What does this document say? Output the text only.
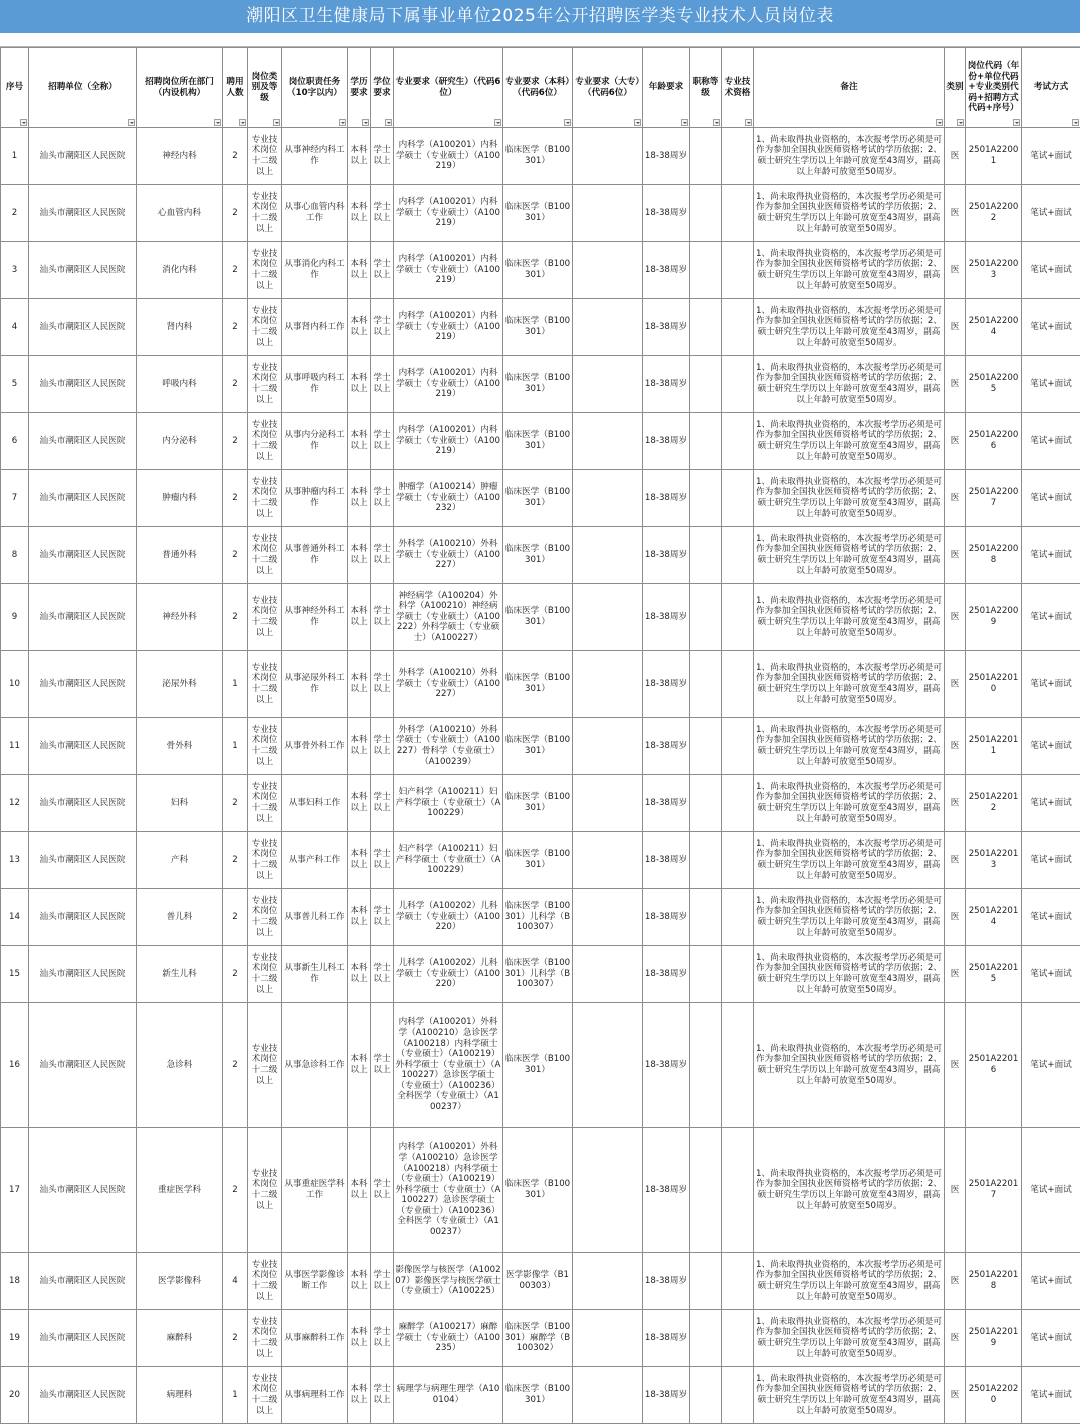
潮阳区卫生健康局下属事业单位2025年公开招聘医学类专业技术人员岗位表
序号	招聘单位（全称）	招聘岗位所在部门（内设机构）	聘用人数	岗位类别及等级	岗位职责任务（10字以内）	学历要求	学位要求	专业要求（研究生）（代码6位）	专业要求（本科）（代码6位）	专业要求（大专）（代码6位）	年龄要求	职称等级	专业技术资格	备注	类别	岗位代码（年份+单位代码+专业类别代码+招聘方式代码+序号）	考试方式

1	汕头市潮阳区人民医院	神经内科	2	专业技术岗位十二级以上	从事神经内科工作	本科以上	学士以上	内科学（A100201）内科学硕士（专业硕士）（A100219）	临床医学（B100301）		18-38周岁			1、尚未取得执业资格的，本次报考学历必须是可作为参加全国执业医师资格考试的学历依据；2、硕士研究生学历以上年龄可放宽至43周岁，副高以上年龄可放宽至50周岁。	医	2501A22001	笔试+面试
2	汕头市潮阳区人民医院	心血管内科	2	专业技术岗位十二级以上	从事心血管内科工作	本科以上	学士以上	内科学（A100201）内科学硕士（专业硕士）（A100219）	临床医学（B100301）		18-38周岁			1、尚未取得执业资格的，本次报考学历必须是可作为参加全国执业医师资格考试的学历依据；2、硕士研究生学历以上年龄可放宽至43周岁，副高以上年龄可放宽至50周岁。	医	2501A22002	笔试+面试
3	汕头市潮阳区人民医院	消化内科	2	专业技术岗位十二级以上	从事消化内科工作	本科以上	学士以上	内科学（A100201）内科学硕士（专业硕士）（A100219）	临床医学（B100301）		18-38周岁			1、尚未取得执业资格的，本次报考学历必须是可作为参加全国执业医师资格考试的学历依据；2、硕士研究生学历以上年龄可放宽至43周岁，副高以上年龄可放宽至50周岁。	医	2501A22003	笔试+面试
4	汕头市潮阳区人民医院	肾内科	2	专业技术岗位十二级以上	从事肾内科工作	本科以上	学士以上	内科学（A100201）内科学硕士（专业硕士）（A100219）	临床医学（B100301）		18-38周岁			1、尚未取得执业资格的，本次报考学历必须是可作为参加全国执业医师资格考试的学历依据；2、硕士研究生学历以上年龄可放宽至43周岁，副高以上年龄可放宽至50周岁。	医	2501A22004	笔试+面试
5	汕头市潮阳区人民医院	呼吸内科	2	专业技术岗位十二级以上	从事呼吸内科工作	本科以上	学士以上	内科学（A100201）内科学硕士（专业硕士）（A100219）	临床医学（B100301）		18-38周岁			1、尚未取得执业资格的，本次报考学历必须是可作为参加全国执业医师资格考试的学历依据；2、硕士研究生学历以上年龄可放宽至43周岁，副高以上年龄可放宽至50周岁。	医	2501A22005	笔试+面试
6	汕头市潮阳区人民医院	内分泌科	2	专业技术岗位十二级以上	从事内分泌科工作	本科以上	学士以上	内科学（A100201）内科学硕士（专业硕士）（A100219）	临床医学（B100301）		18-38周岁			1、尚未取得执业资格的，本次报考学历必须是可作为参加全国执业医师资格考试的学历依据；2、硕士研究生学历以上年龄可放宽至43周岁，副高以上年龄可放宽至50周岁。	医	2501A22006	笔试+面试
7	汕头市潮阳区人民医院	肿瘤内科	2	专业技术岗位十二级以上	从事肿瘤内科工作	本科以上	学士以上	肿瘤学（A100214）肿瘤学硕士（专业硕士）（A100232）	临床医学（B100301）		18-38周岁			1、尚未取得执业资格的，本次报考学历必须是可作为参加全国执业医师资格考试的学历依据；2、硕士研究生学历以上年龄可放宽至43周岁，副高以上年龄可放宽至50周岁。	医	2501A22007	笔试+面试
8	汕头市潮阳区人民医院	普通外科	2	专业技术岗位十二级以上	从事普通外科工作	本科以上	学士以上	外科学（A100210）外科学硕士（专业硕士）（A100227）	临床医学（B100301）		18-38周岁			1、尚未取得执业资格的，本次报考学历必须是可作为参加全国执业医师资格考试的学历依据；2、硕士研究生学历以上年龄可放宽至43周岁，副高以上年龄可放宽至50周岁。	医	2501A22008	笔试+面试
9	汕头市潮阳区人民医院	神经外科	2	专业技术岗位十二级以上	从事神经外科工作	本科以上	学士以上	神经病学（A100204）外科学（A100210）神经病学硕士（专业硕士）（A100222）外科学硕士（专业硕士）（A100227）	临床医学（B100301）		18-38周岁			1、尚未取得执业资格的，本次报考学历必须是可作为参加全国执业医师资格考试的学历依据；2、硕士研究生学历以上年龄可放宽至43周岁，副高以上年龄可放宽至50周岁。	医	2501A22009	笔试+面试
10	汕头市潮阳区人民医院	泌尿外科	1	专业技术岗位十二级以上	从事泌尿外科工作	本科以上	学士以上	外科学（A100210）外科学硕士（专业硕士）（A100227）	临床医学（B100301）		18-38周岁			1、尚未取得执业资格的，本次报考学历必须是可作为参加全国执业医师资格考试的学历依据；2、硕士研究生学历以上年龄可放宽至43周岁，副高以上年龄可放宽至50周岁。	医	2501A22010	笔试+面试
11	汕头市潮阳区人民医院	骨外科	1	专业技术岗位十二级以上	从事骨外科工作	本科以上	学士以上	外科学（A100210）外科学硕士（专业硕士）（A100227）骨科学（专业硕士）（A100239）	临床医学（B100301）		18-38周岁			1、尚未取得执业资格的，本次报考学历必须是可作为参加全国执业医师资格考试的学历依据；2、硕士研究生学历以上年龄可放宽至43周岁，副高以上年龄可放宽至50周岁。	医	2501A22011	笔试+面试
12	汕头市潮阳区人民医院	妇科	2	专业技术岗位十二级以上	从事妇科工作	本科以上	学士以上	妇产科学（A100211）妇产科学硕士（专业硕士）（A100229）	临床医学（B100301）		18-38周岁			1、尚未取得执业资格的，本次报考学历必须是可作为参加全国执业医师资格考试的学历依据；2、硕士研究生学历以上年龄可放宽至43周岁，副高以上年龄可放宽至50周岁。	医	2501A22012	笔试+面试
13	汕头市潮阳区人民医院	产科	2	专业技术岗位十二级以上	从事产科工作	本科以上	学士以上	妇产科学（A100211）妇产科学硕士（专业硕士）（A100229）	临床医学（B100301）		18-38周岁			1、尚未取得执业资格的，本次报考学历必须是可作为参加全国执业医师资格考试的学历依据；2、硕士研究生学历以上年龄可放宽至43周岁，副高以上年龄可放宽至50周岁。	医	2501A22013	笔试+面试
14	汕头市潮阳区人民医院	普儿科	2	专业技术岗位十二级以上	从事普儿科工作	本科以上	学士以上	儿科学（A100202）儿科学硕士（专业硕士）（A100220）	临床医学（B100301）儿科学（B100307）		18-38周岁			1、尚未取得执业资格的，本次报考学历必须是可作为参加全国执业医师资格考试的学历依据；2、硕士研究生学历以上年龄可放宽至43周岁，副高以上年龄可放宽至50周岁。	医	2501A22014	笔试+面试
15	汕头市潮阳区人民医院	新生儿科	2	专业技术岗位十二级以上	从事新生儿科工作	本科以上	学士以上	儿科学（A100202）儿科学硕士（专业硕士）（A100220）	临床医学（B100301）儿科学（B100307）		18-38周岁			1、尚未取得执业资格的，本次报考学历必须是可作为参加全国执业医师资格考试的学历依据；2、硕士研究生学历以上年龄可放宽至43周岁，副高以上年龄可放宽至50周岁。	医	2501A22015	笔试+面试
16	汕头市潮阳区人民医院	急诊科	2	专业技术岗位十二级以上	从事急诊科工作	本科以上	学士以上	内科学（A100201）外科学（A100210）急诊医学（A100218）内科学硕士（专业硕士）（A100219）外科学硕士（专业硕士）（A100227）急诊医学硕士（专业硕士）（A100236）全科医学（专业硕士）（A100237）	临床医学（B100301）		18-38周岁			1、尚未取得执业资格的，本次报考学历必须是可作为参加全国执业医师资格考试的学历依据；2、硕士研究生学历以上年龄可放宽至43周岁，副高以上年龄可放宽至50周岁。	医	2501A22016	笔试+面试
17	汕头市潮阳区人民医院	重症医学科	2	专业技术岗位十二级以上	从事重症医学科工作	本科以上	学士以上	内科学（A100201）外科学（A100210）急诊医学（A100218）内科学硕士（专业硕士）（A100219）外科学硕士（专业硕士）（A100227）急诊医学硕士（专业硕士）（A100236）全科医学（专业硕士）（A100237）	临床医学（B100301）		18-38周岁			1、尚未取得执业资格的，本次报考学历必须是可作为参加全国执业医师资格考试的学历依据；2、硕士研究生学历以上年龄可放宽至43周岁，副高以上年龄可放宽至50周岁。	医	2501A22017	笔试+面试
18	汕头市潮阳区人民医院	医学影像科	4	专业技术岗位十二级以上	从事医学影像诊断工作	本科以上	学士以上	影像医学与核医学（A100207）影像医学与核医学硕士（专业硕士）（A100225）	医学影像学（B100303）		18-38周岁			1、尚未取得执业资格的，本次报考学历必须是可作为参加全国执业医师资格考试的学历依据；2、硕士研究生学历以上年龄可放宽至43周岁，副高以上年龄可放宽至50周岁。	医	2501A22018	笔试+面试
19	汕头市潮阳区人民医院	麻醉科	2	专业技术岗位十二级以上	从事麻醉科工作	本科以上	学士以上	麻醉学（A100217）麻醉学硕士（专业硕士）（A100235）	临床医学（B100301）麻醉学（B100302）		18-38周岁			1、尚未取得执业资格的，本次报考学历必须是可作为参加全国执业医师资格考试的学历依据；2、硕士研究生学历以上年龄可放宽至43周岁，副高以上年龄可放宽至50周岁。	医	2501A22019	笔试+面试
20	汕头市潮阳区人民医院	病理科	1	专业技术岗位十二级以上	从事病理科工作	本科以上	学士以上	病理学与病理生理学（A100104）	临床医学（B100301）		18-38周岁			1、尚未取得执业资格的，本次报考学历必须是可作为参加全国执业医师资格考试的学历依据；2、硕士研究生学历以上年龄可放宽至43周岁，副高以上年龄可放宽至50周岁。	医	2501A22020	笔试+面试
